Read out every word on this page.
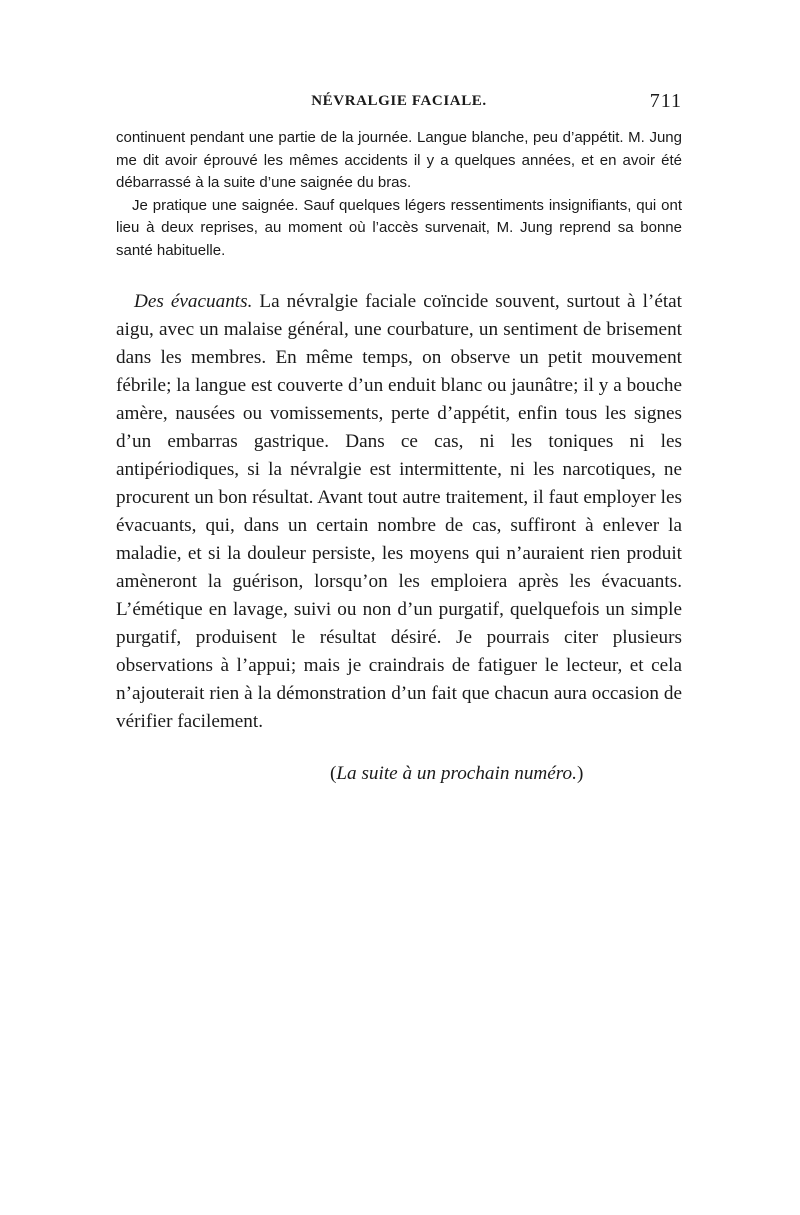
NÉVRALGIE FACIALE.	711

continuent pendant une partie de la journée. Langue blanche, peu d’appétit. M. Jung me dit avoir éprouvé les mêmes accidents il y a quelques années, et en avoir été débarrassé à la suite d’une saignée du bras.

Je pratique une saignée. Sauf quelques légers ressentiments insignifiants, qui ont lieu à deux reprises, au moment où l’accès survenait, M. Jung reprend sa bonne santé habituelle.

Des évacuants. La névralgie faciale coïncide souvent, surtout à l’état aigu, avec un malaise général, une courbature, un sentiment de brisement dans les membres. En même temps, on observe un petit mouvement fébrile; la langue est couverte d’un enduit blanc ou jaunâtre; il y a bouche amère, nausées ou vomissements, perte d’appétit, enfin tous les signes d’un embarras gastrique. Dans ce cas, ni les toniques ni les antipériodiques, si la névralgie est intermittente, ni les narcotiques, ne procurent un bon résultat. Avant tout autre traitement, il faut employer les évacuants, qui, dans un certain nombre de cas, suffiront à enlever la maladie, et si la douleur persiste, les moyens qui n’auraient rien produit amèneront la guérison, lorsqu’on les emploiera après les évacuants. L’émétique en lavage, suivi ou non d’un purgatif, quelquefois un simple purgatif, produisent le résultat désiré. Je pourrais citer plusieurs observations à l’appui; mais je craindrais de fatiguer le lecteur, et cela n’ajouterait rien à la démonstration d’un fait que chacun aura occasion de vérifier facilement.

(La suite à un prochain numéro.)
